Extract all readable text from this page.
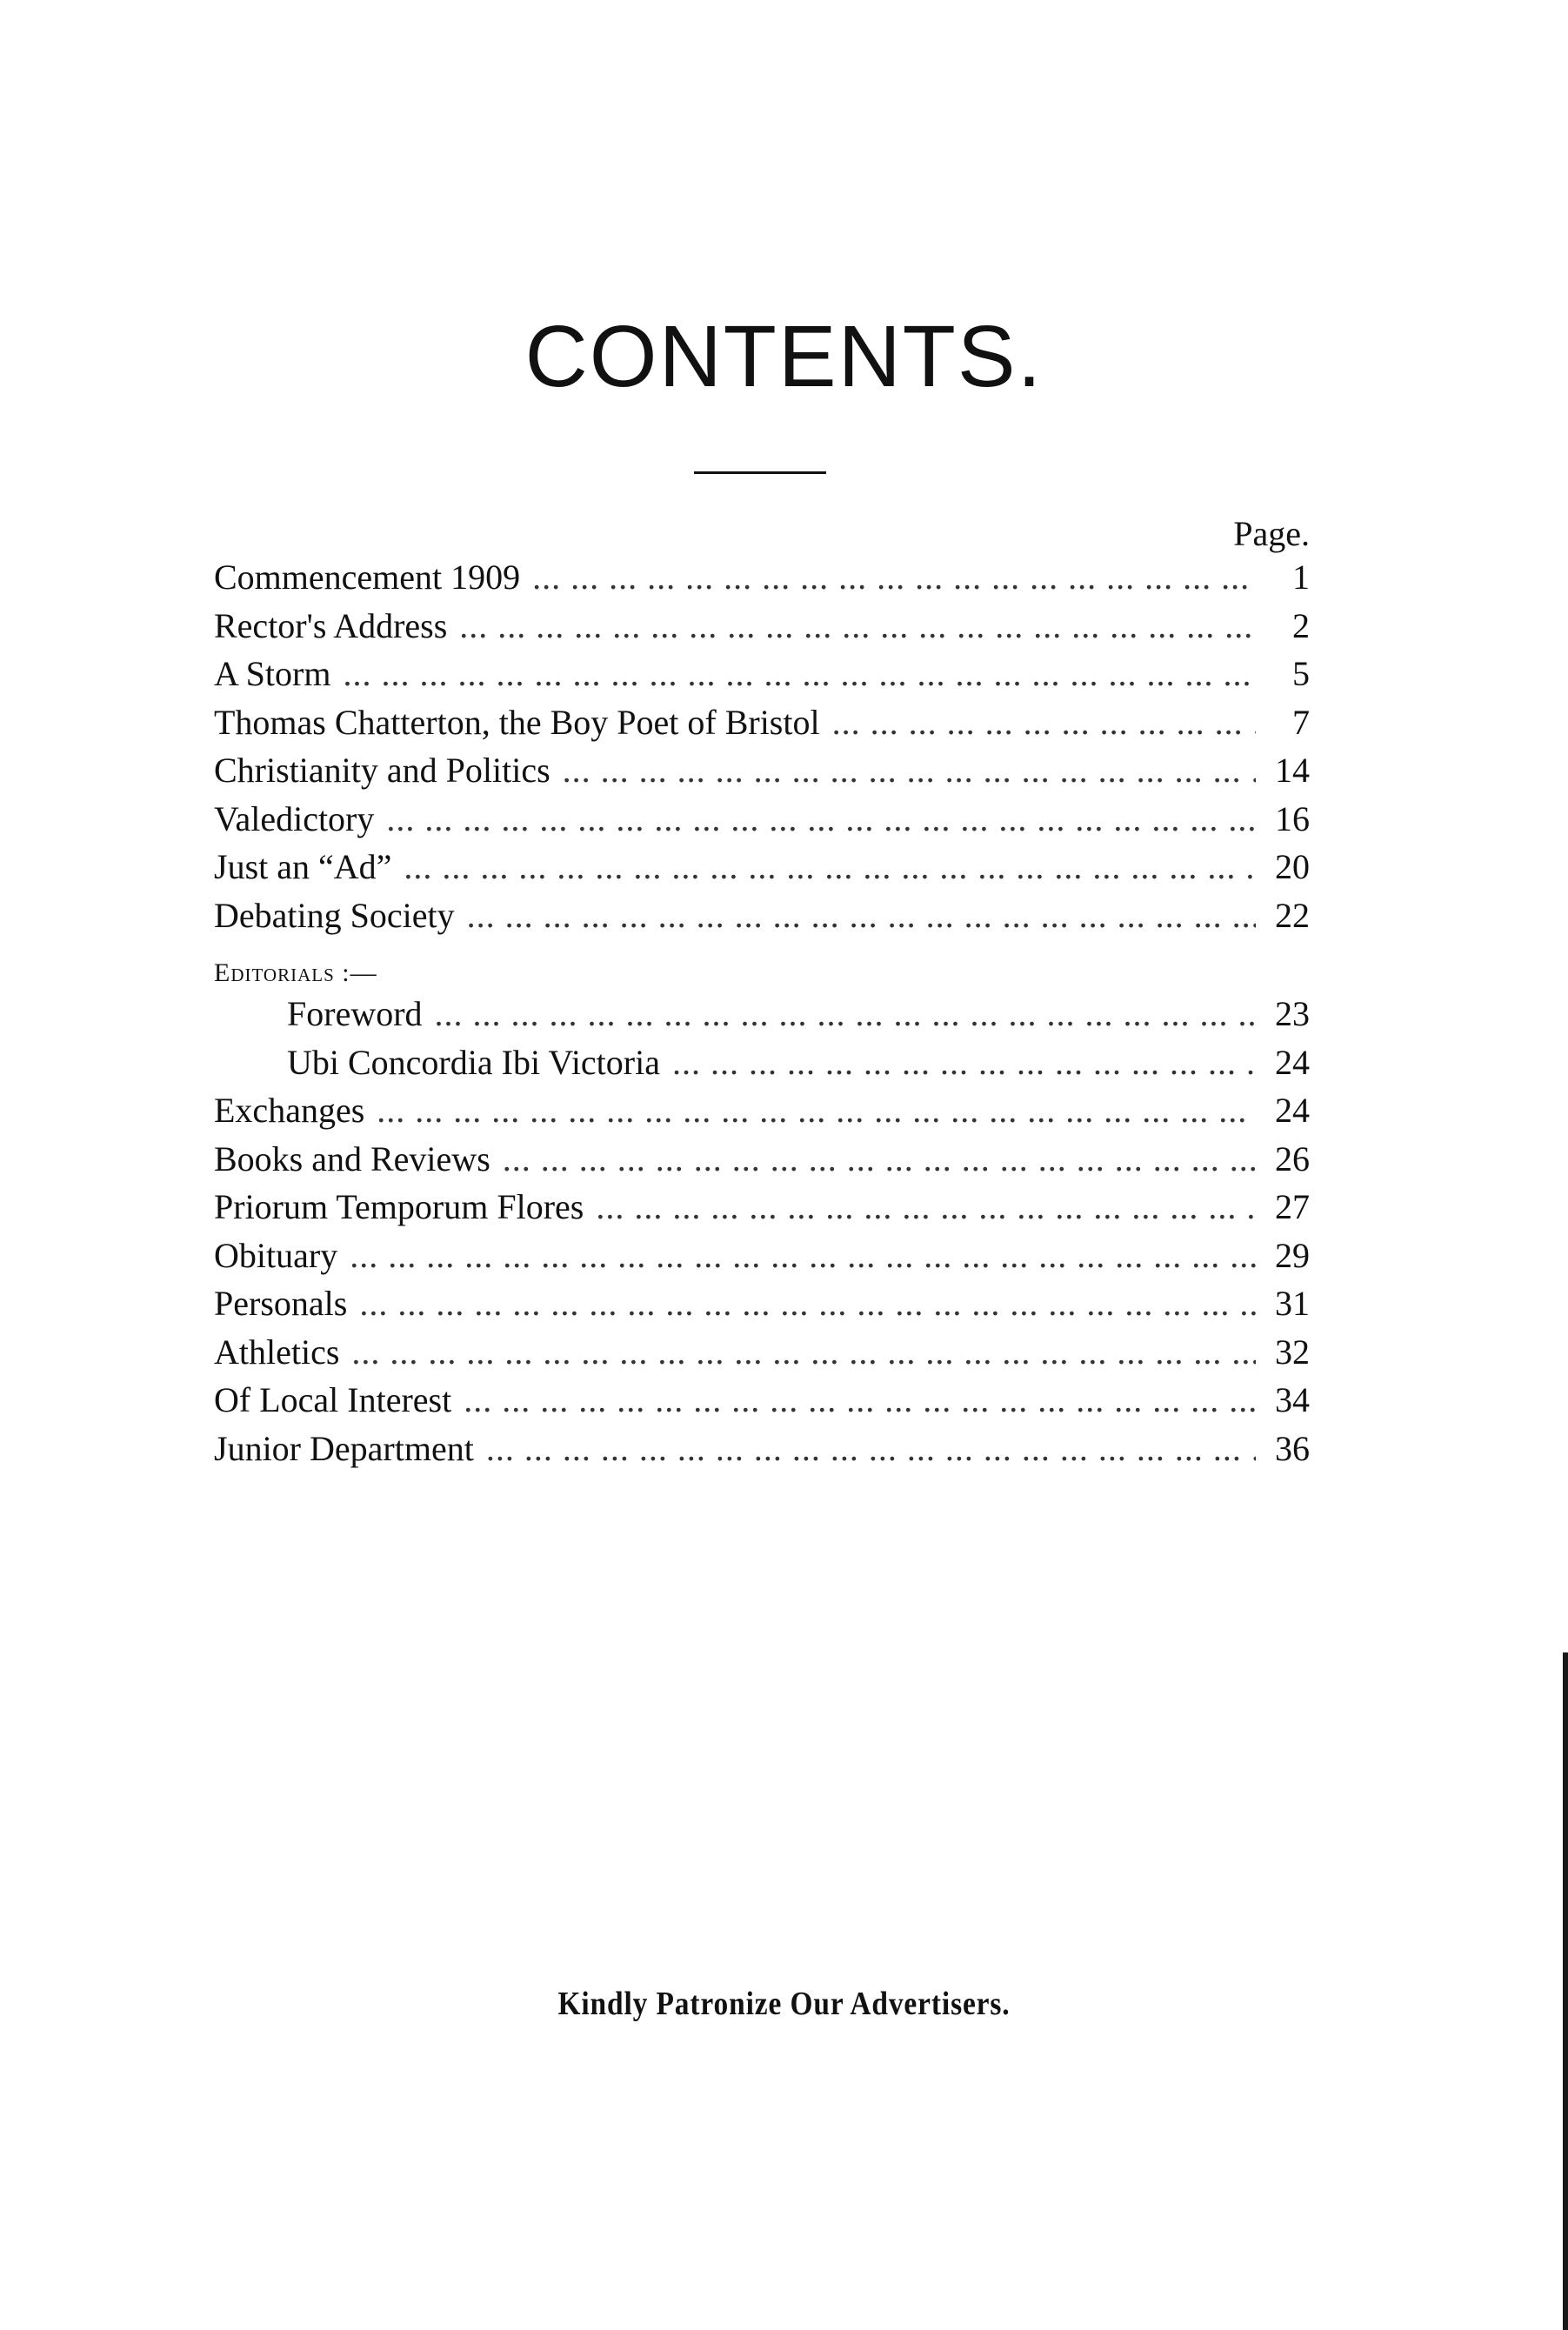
CONTENTS.
Page.
Commencement 1909 ... .	1
Rector's Address ... .	2
A Storm ... .	5
Thomas Chatterton, the Boy Poet of Bristol ... .	7
Christianity and Politics ... .	14
Valedictory ... .	16
Just an “Ad” ... .	20
Debating Society ... .	22
Editorials :—
Foreword ... .	23
Ubi Concordia Ibi Victoria ... .	24
Exchanges ... .	24
Books and Reviews ... .	26
Priorum Temporum Flores ... .	27
Obituary ... .	29
Personals ... .	31
Athletics ... .	32
Of Local Interest ... .	34
Junior Department ... .	36
Kindly Patronize Our Advertisers.
